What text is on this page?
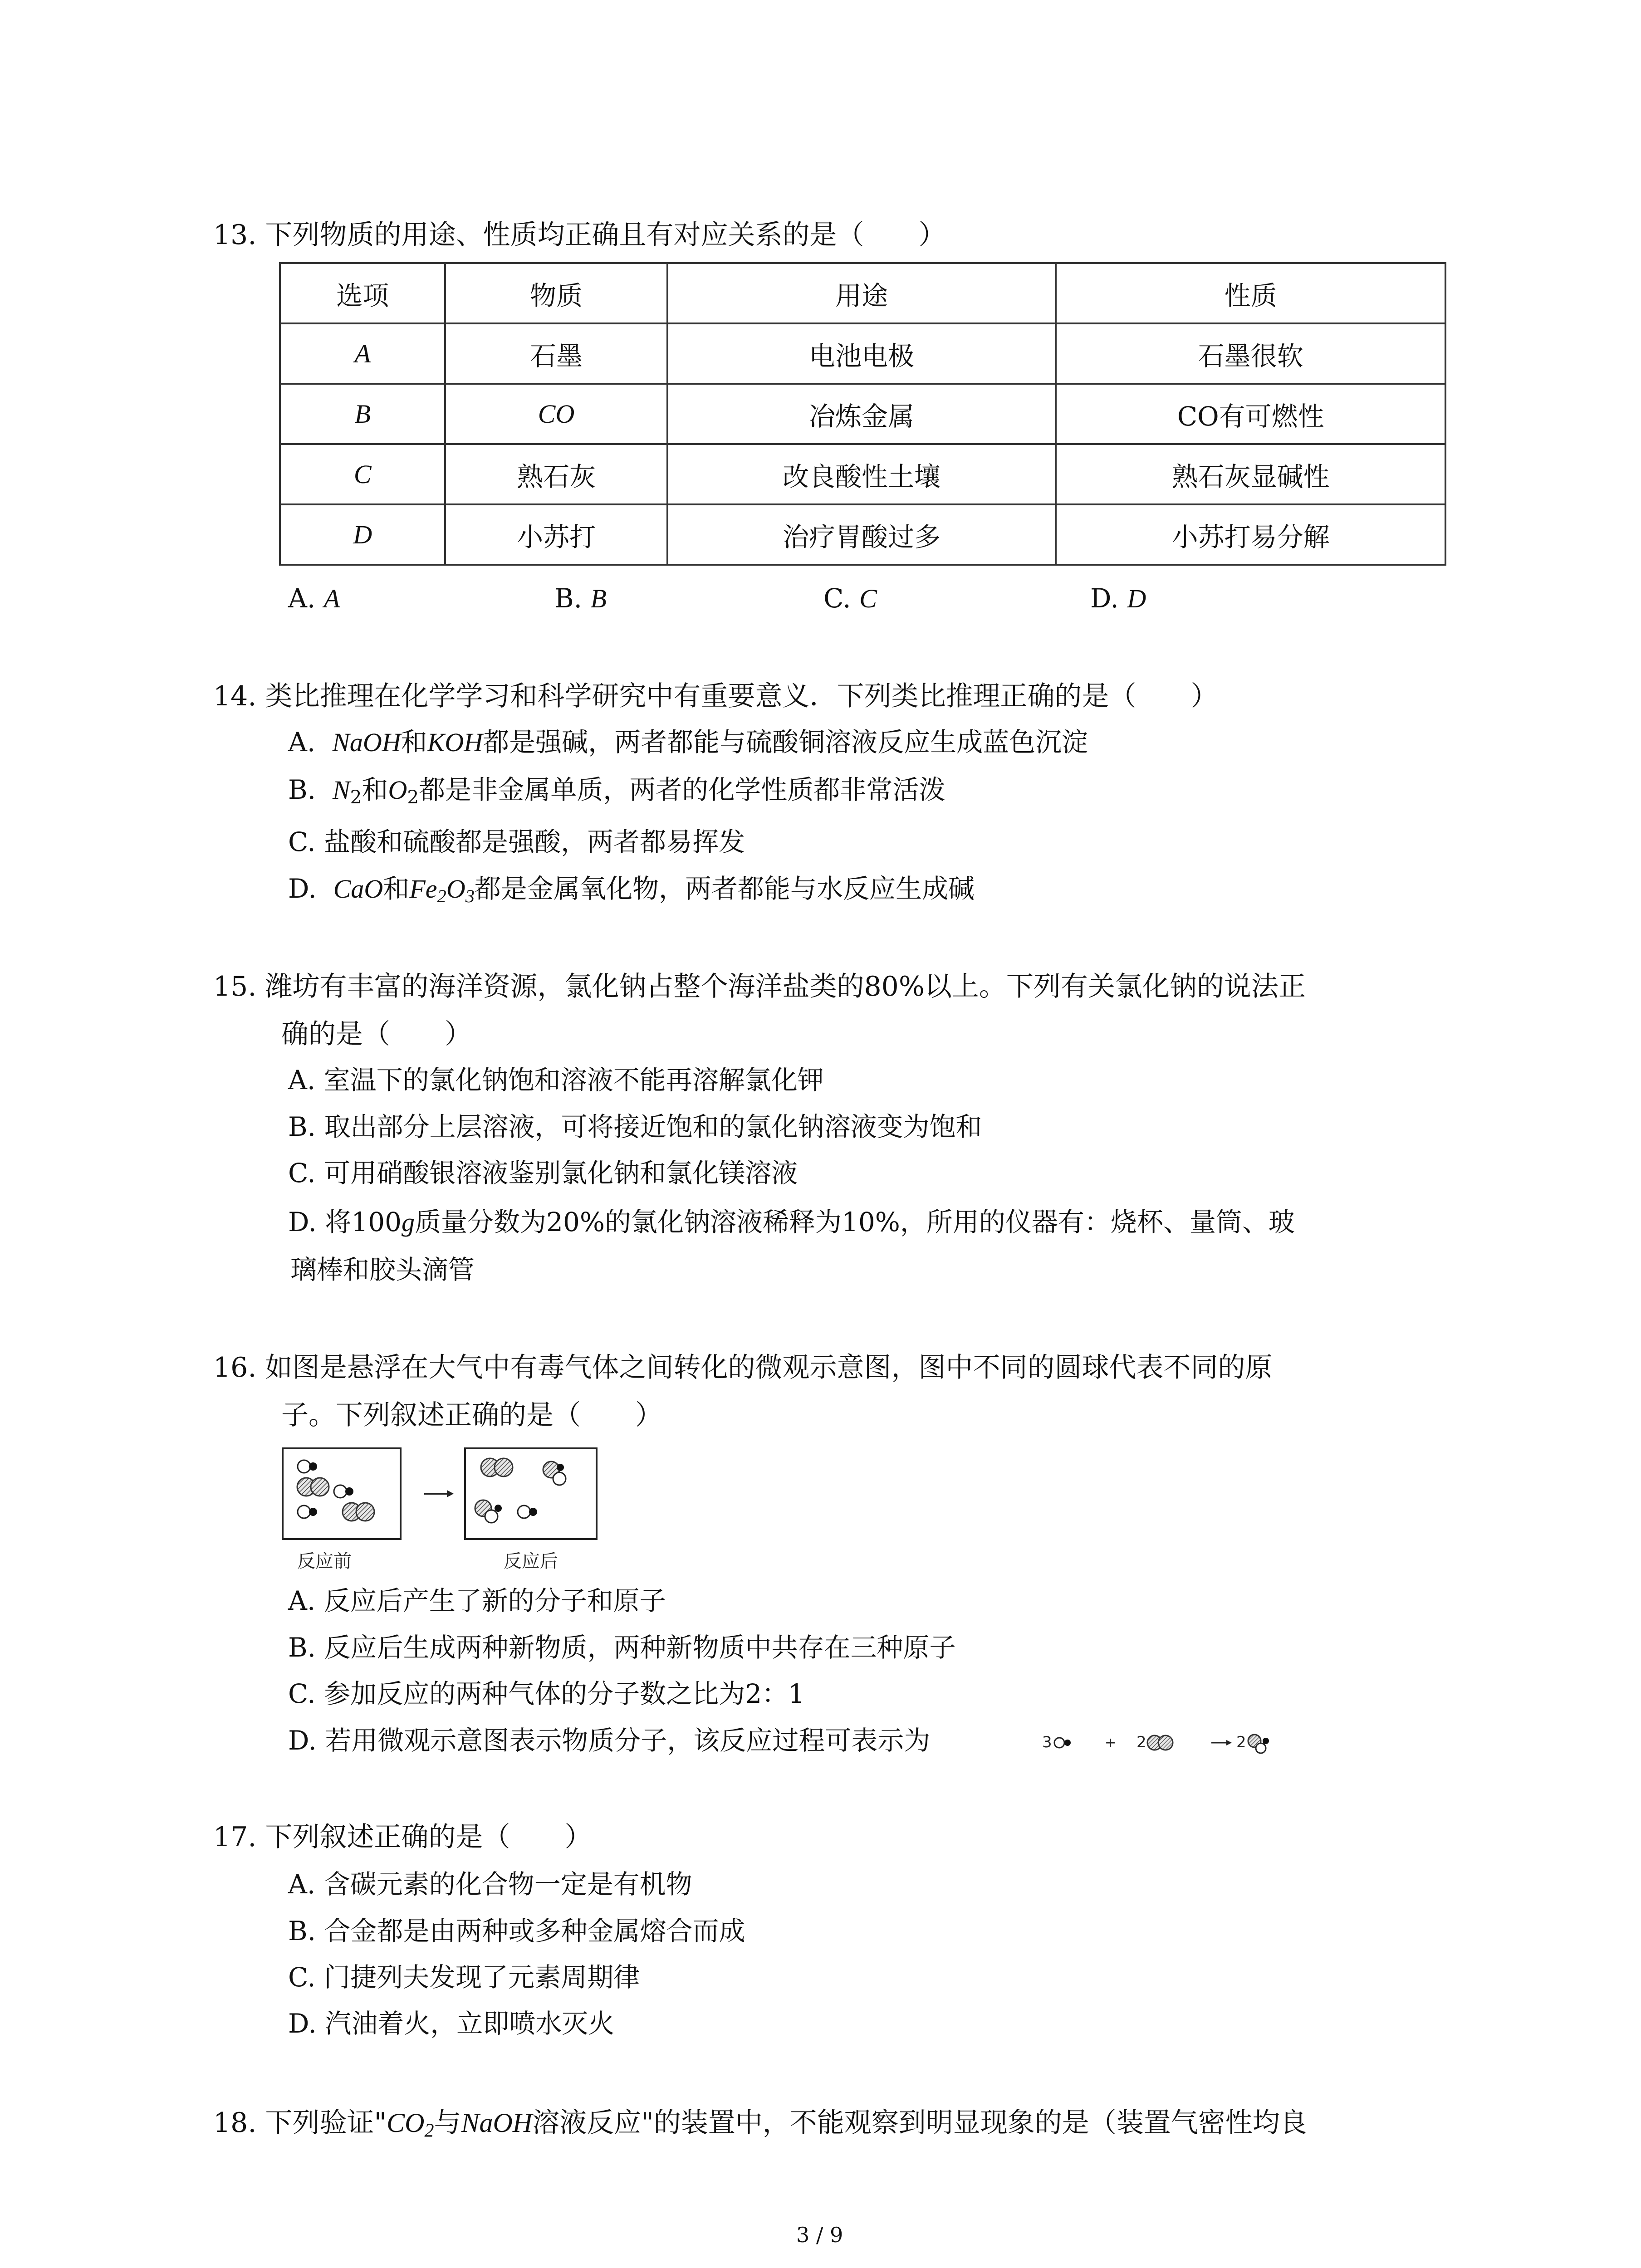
13. 下列物质的用途、性质均正确且有对应关系的是（　　）
选项	物质	用途	性质
A	石墨	电池电极	石墨很软
B	CO	冶炼金属	CO有可燃性
C	熟石灰	改良酸性土壤	熟石灰显碱性
D	小苏打	治疗胃酸过多	小苏打易分解
A. A	B. B	C. C	D. D
14. 类比推理在化学学习和科学研究中有重要意义．下列类比推理正确的是（　　）
A. NaOH和KOH都是强碱，两者都能与硫酸铜溶液反应生成蓝色沉淀
B. $N_2$和$O_2$都是非金属单质，两者的化学性质都非常活泼
C. 盐酸和硫酸都是强酸，两者都易挥发
D. CaO和$Fe_2O_3$都是金属氧化物，两者都能与水反应生成碱
15. 潍坊有丰富的海洋资源，氯化钠占整个海洋盐类的80%以上。下列有关氯化钠的说法正
确的是（　　）
A. 室温下的氯化钠饱和溶液不能再溶解氯化钾
B. 取出部分上层溶液，可将接近饱和的氯化钠溶液变为饱和
C. 可用硝酸银溶液鉴别氯化钠和氯化镁溶液
D. 将100g质量分数为20%的氯化钠溶液稀释为10%，所用的仪器有：烧杯、量筒、玻
璃棒和胶头滴管
16. 如图是悬浮在大气中有毒气体之间转化的微观示意图，图中不同的圆球代表不同的原
子。下列叙述正确的是（　　）
反应前	反应后
A. 反应后产生了新的分子和原子
B. 反应后生成两种新物质，两种新物质中共存在三种原子
C. 参加反应的两种气体的分子数之比为2：1
D. 若用微观示意图表示物质分子，该反应过程可表示为	3	+ 2	2
17. 下列叙述正确的是（　　）
A. 含碳元素的化合物一定是有机物
B. 合金都是由两种或多种金属熔合而成
C. 门捷列夫发现了元素周期律
D. 汽油着火，立即喷水灭火
18. 下列验证"$CO_2$与NaOH溶液反应"的装置中，不能观察到明显现象的是（装置气密性均良
3 / 9
